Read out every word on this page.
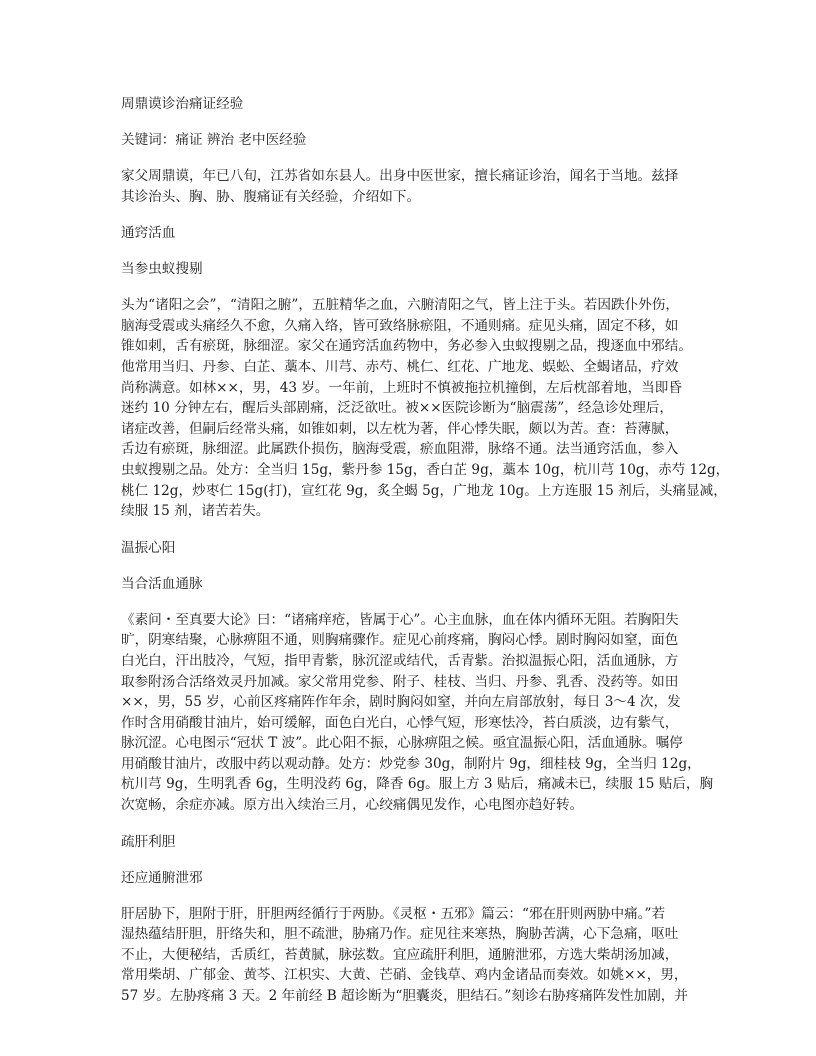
周鼎谟诊治痛证经验
关键词：痛证 辨治 老中医经验
家父周鼎谟，年已八旬，江苏省如东县人。出身中医世家，擅长痛证诊治，闻名于当地。兹择
其诊治头、胸、胁、腹痛证有关经验，介绍如下。
通窍活血
当参虫蚁搜剔
头为“诸阳之会”，“清阳之腑”，五脏精华之血，六腑清阳之气，皆上注于头。若因跌仆外伤，
脑海受震或头痛经久不愈，久痛入络，皆可致络脉瘀阻，不通则痛。症见头痛，固定不移，如
锥如刺，舌有瘀斑，脉细涩。家父在通窍活血药物中，务必参入虫蚁搜剔之品，搜逐血中邪结。
他常用当归、丹参、白芷、藁本、川芎、赤芍、桃仁、红花、广地龙、蜈蚣、全蝎诸品，疗效
尚称满意。如林××，男，43 岁。一年前，上班时不慎被拖拉机撞倒，左后枕部着地，当即昏
迷约 10 分钟左右，醒后头部剧痛，泛泛欲吐。被××医院诊断为“脑震荡”，经急诊处理后，
诸症改善，但嗣后经常头痛，如锥如刺，以左枕为著，伴心悸失眠，颇以为苦。查：苔薄腻，
舌边有瘀斑，脉细涩。此属跌仆损伤，脑海受震，瘀血阻滞，脉络不通。法当通窍活血，参入
虫蚁搜剔之品。处方：全当归 15g，紫丹参 15g，香白芷 9g，藁本 10g，杭川芎 10g，赤芍 12g，
桃仁 12g，炒枣仁 15g(打)，宣红花 9g，炙全蝎 5g，广地龙 10g。上方连服 15 剂后，头痛显减，
续服 15 剂，诸苦若失。
温振心阳
当合活血通脉
《素问・至真要大论》曰：“诸痛痒疮，皆属于心”。心主血脉，血在体内循环无阻。若胸阳失
旷，阴寒结聚，心脉痹阻不通，则胸痛骤作。症见心前疼痛，胸闷心悸。剧时胸闷如窒，面色
白光白，汗出肢冷，气短，指甲青紫，脉沉涩或结代，舌青紫。治拟温振心阳，活血通脉，方
取参附汤合活络效灵丹加减。家父常用党参、附子、桂枝、当归、丹参、乳香、没药等。如田
××，男，55 岁，心前区疼痛阵作年余，剧时胸闷如窒，并向左肩部放射，每日 3～4 次，发
作时含用硝酸甘油片，始可缓解，面色白光白，心悸气短，形寒怯冷，苔白质淡，边有紫气，
脉沉涩。心电图示“冠状 T 波”。此心阳不振，心脉痹阻之候。亟宜温振心阳，活血通脉。嘱停
用硝酸甘油片，改服中药以观动静。处方：炒党参 30g，制附片 9g，细桂枝 9g，全当归 12g，
杭川芎 9g，生明乳香 6g，生明没药 6g，降香 6g。服上方 3 贴后，痛减未已，续服 15 贴后，胸
次宽畅，余症亦减。原方出入续治三月，心绞痛偶见发作，心电图亦趋好转。
疏肝利胆
还应通腑泄邪
肝居胁下，胆附于肝，肝胆两经循行于两胁。《灵枢・五邪》篇云：“邪在肝则两胁中痛。”若
湿热蕴结肝胆，肝络失和，胆不疏泄，胁痛乃作。症见往来寒热，胸胁苦满，心下急痛，呕吐
不止，大便秘结，舌质红，苔黄腻，脉弦数。宜应疏肝利胆，通腑泄邪，方选大柴胡汤加减，
常用柴胡、广郁金、黄芩、江枳实、大黄、芒硝、金钱草、鸡内金诸品而奏效。如姚××，男，
57 岁。左胁疼痛 3 天。2 年前经 B 超诊断为“胆囊炎，胆结石。”刻诊右胁疼痛阵发性加剧，并
